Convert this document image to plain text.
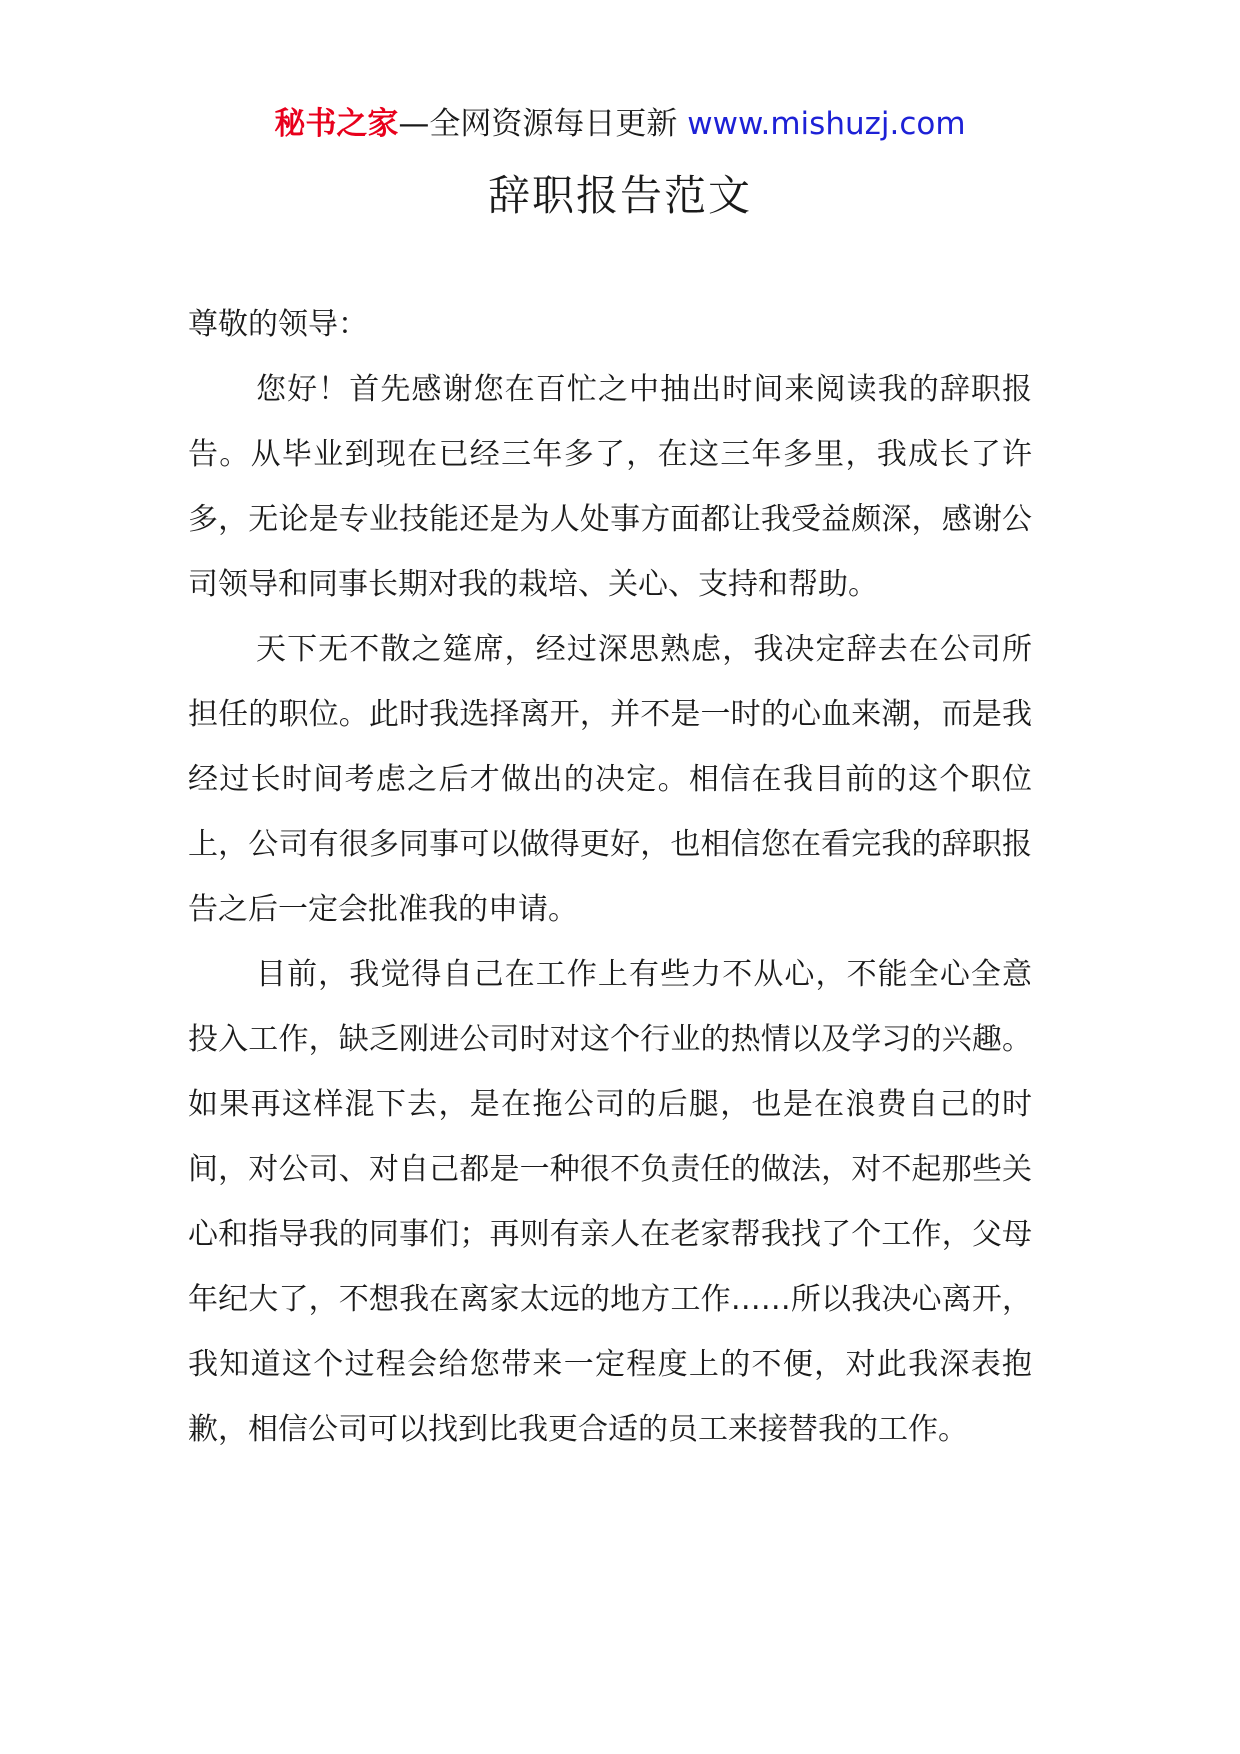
秘书之家—全网资源每日更新 www.mishuzj.com
辞职报告范文

尊敬的领导：

您好！首先感谢您在百忙之中抽出时间来阅读我的辞职报告。从毕业到现在已经三年多了，在这三年多里，我成长了许多，无论是专业技能还是为人处事方面都让我受益颇深，感谢公司领导和同事长期对我的栽培、关心、支持和帮助。

天下无不散之筵席，经过深思熟虑，我决定辞去在公司所担任的职位。此时我选择离开，并不是一时的心血来潮，而是我经过长时间考虑之后才做出的决定。相信在我目前的这个职位上，公司有很多同事可以做得更好，也相信您在看完我的辞职报告之后一定会批准我的申请。

目前，我觉得自己在工作上有些力不从心，不能全心全意投入工作，缺乏刚进公司时对这个行业的热情以及学习的兴趣。如果再这样混下去，是在拖公司的后腿，也是在浪费自己的时间，对公司、对自己都是一种很不负责任的做法，对不起那些关心和指导我的同事们；再则有亲人在老家帮我找了个工作，父母年纪大了，不想我在离家太远的地方工作……所以我决心离开，我知道这个过程会给您带来一定程度上的不便，对此我深表抱歉，相信公司可以找到比我更合适的员工来接替我的工作。
